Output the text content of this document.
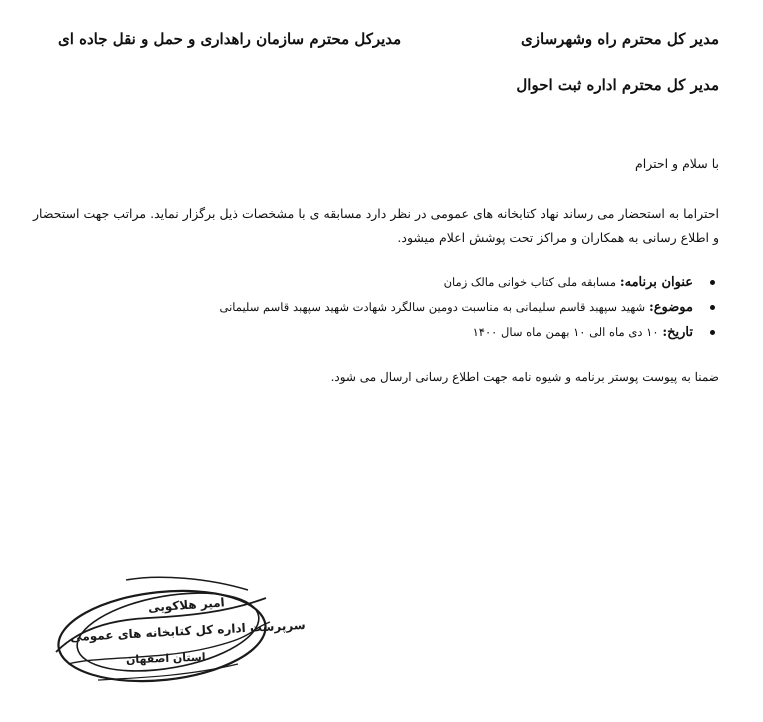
مدیر کل محترم راه وشهرسازی
مدیرکل محترم سازمان راهداری و حمل و نقل جاده ای
مدیر کل محترم اداره ثبت احوال
با سلام و احترام
احتراما به استحضار می رساند نهاد کتابخانه های عمومی در نظر دارد مسابقه ی با مشخصات ذیل برگزار نماید. مراتب جهت استحضار و اطلاع رسانی به همکاران و مراکز تحت پوشش اعلام میشود.
عنوان برنامه: مسابقه ملی کتاب خوانی مالک زمان
موضوع: شهید سپهبد قاسم سلیمانی به مناسبت دومین سالگرد شهادت شهید سپهبد قاسم سلیمانی
تاریخ: ۱۰ دی ماه الی ۱۰ بهمن ماه سال ۱۴۰۰
ضمنا به پیوست پوستر برنامه و شیوه نامه جهت اطلاع رسانی ارسال می شود.
امیر هلاکویی
سرپرست اداره کل کتابخانه های عمومی
استان اصفهان
